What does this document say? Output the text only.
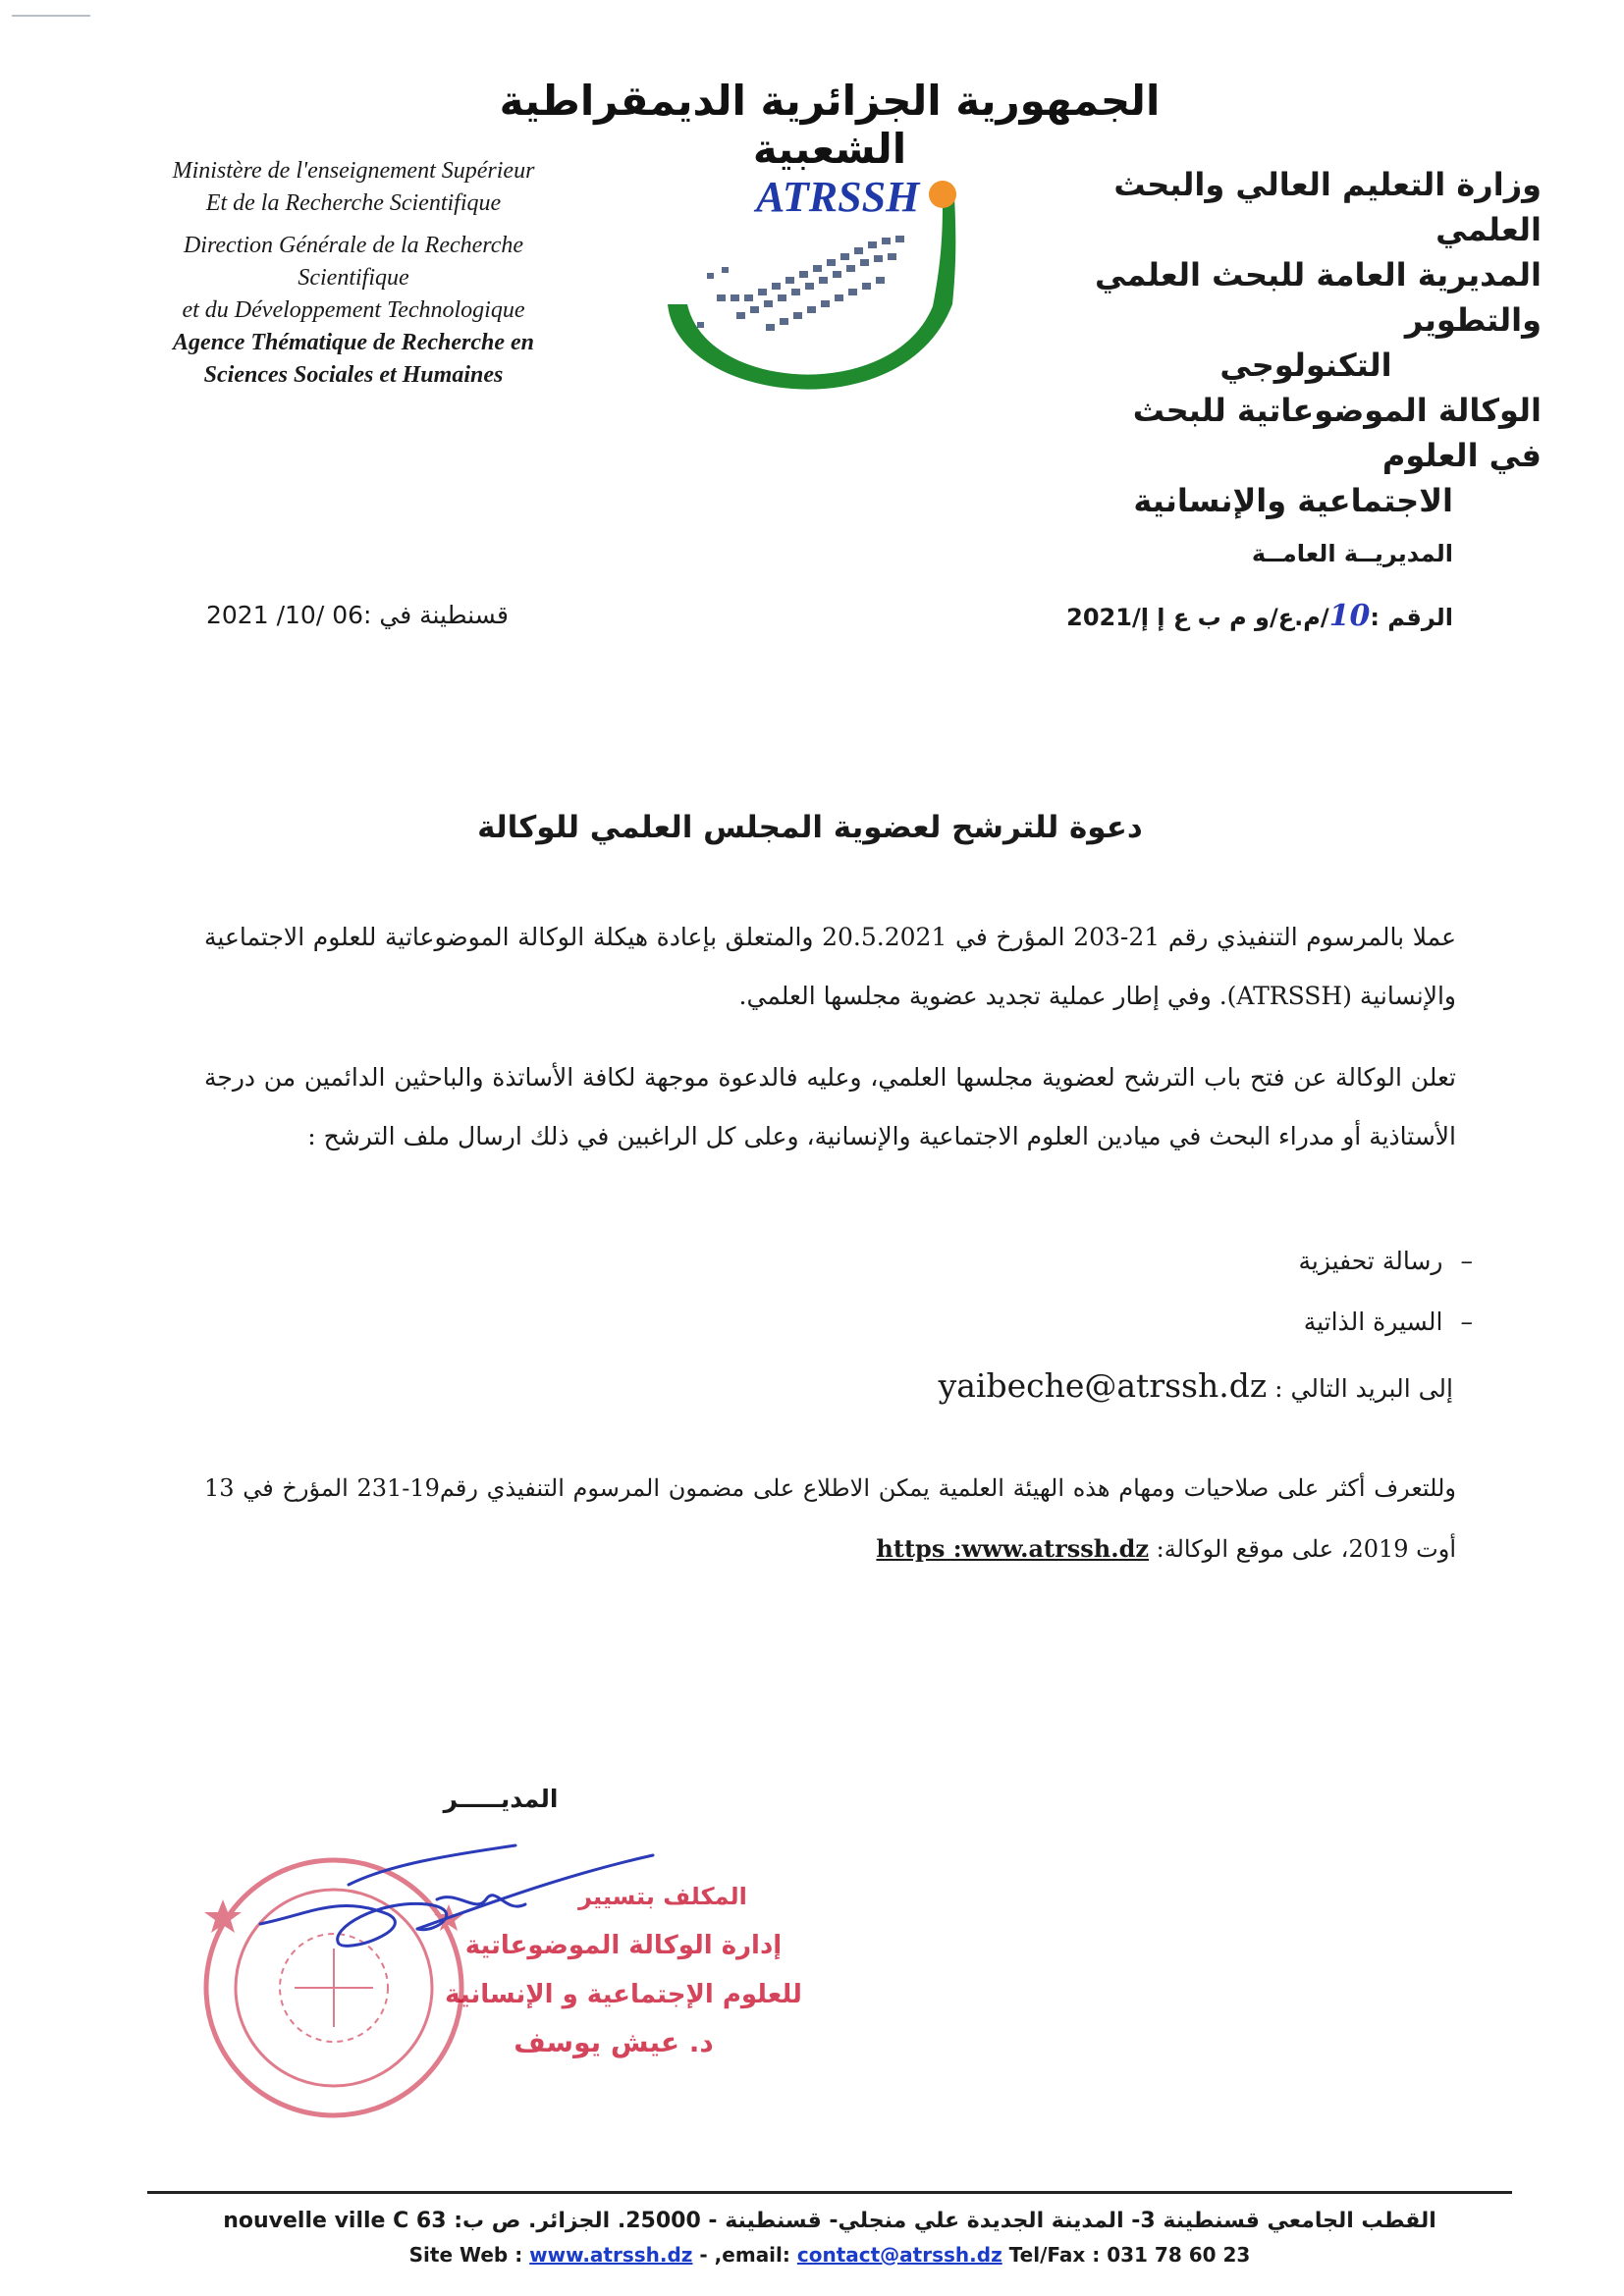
الجمهورية الجزائرية الديمقراطية الشعبية
Ministère de l'enseignement Supérieur
Et de la Recherche Scientifique
Direction Générale de la Recherche
Scientifique
et du Développement Technologique
Agence Thématique de Recherche en
Sciences Sociales et Humaines
ATRSSH	وزارة التعليم العالي والبحث العلمي
المديرية العامة للبحث العلمي والتطوير
التكنولوجي
الوكالة الموضوعاتية للبحث في العلوم
الاجتماعية والإنسانية
المديريــة العامــة
الرقم :10/م.ع/و م ب ع إ إ/2021
قسنطينة في :06 /10/ 2021
دعوة للترشح لعضوية المجلس العلمي للوكالة
عملا بالمرسوم التنفيذي رقم 21-203 المؤرخ في 20.5.2021 والمتعلق بإعادة هيكلة الوكالة الموضوعاتية للعلوم الاجتماعية والإنسانية (ATRSSH). وفي إطار عملية تجديد عضوية مجلسها العلمي.
تعلن الوكالة عن فتح باب الترشح لعضوية مجلسها العلمي، وعليه فالدعوة موجهة لكافة الأساتذة والباحثين الدائمين من درجة الأستاذية أو مدراء البحث في ميادين العلوم الاجتماعية والإنسانية، وعلى كل الراغبين في ذلك ارسال ملف الترشح :
–رسالة تحفيزية
–السيرة الذاتية
إلى البريد التالي : yaibeche@atrssh.dz
وللتعرف أكثر على صلاحيات ومهام هذه الهيئة العلمية يمكن الاطلاع على مضمون المرسوم التنفيذي رقم19-231 المؤرخ في 13 أوت 2019، على موقع الوكالة: https :www.atrssh.dz
المديـــــر
المكلف بتسيير
إدارة الوكالة الموضوعاتية
للعلوم الإجتماعية و الإنسانية
د. عيش يوسف
القطب الجامعي قسنطينة 3- المدينة الجديدة علي منجلي- قسنطينة - 25000. الجزائر. ص ب: nouvelle ville C 63
Site Web : www.atrssh.dz - ,email: contact@atrssh.dz Tel/Fax : 031 78 60 23
